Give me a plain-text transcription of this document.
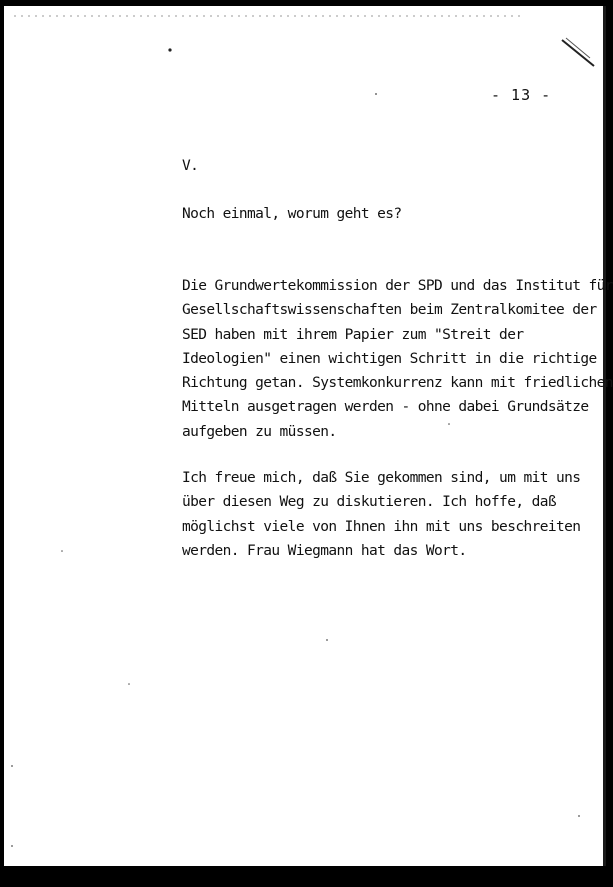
- 13 -
V.
Noch einmal, worum geht es?
Die Grundwertekommission der SPD und das Institut für
Gesellschaftswissenschaften beim Zentralkomitee der
SED haben mit ihrem Papier zum "Streit der
Ideologien" einen wichtigen Schritt in die richtige
Richtung getan. Systemkonkurrenz kann mit friedlichen
Mitteln ausgetragen werden - ohne dabei Grundsätze
aufgeben zu müssen.
Ich freue mich, daß Sie gekommen sind, um mit uns
über diesen Weg zu diskutieren. Ich hoffe, daß
möglichst viele von Ihnen ihn mit uns beschreiten
werden. Frau Wiegmann hat das Wort.
